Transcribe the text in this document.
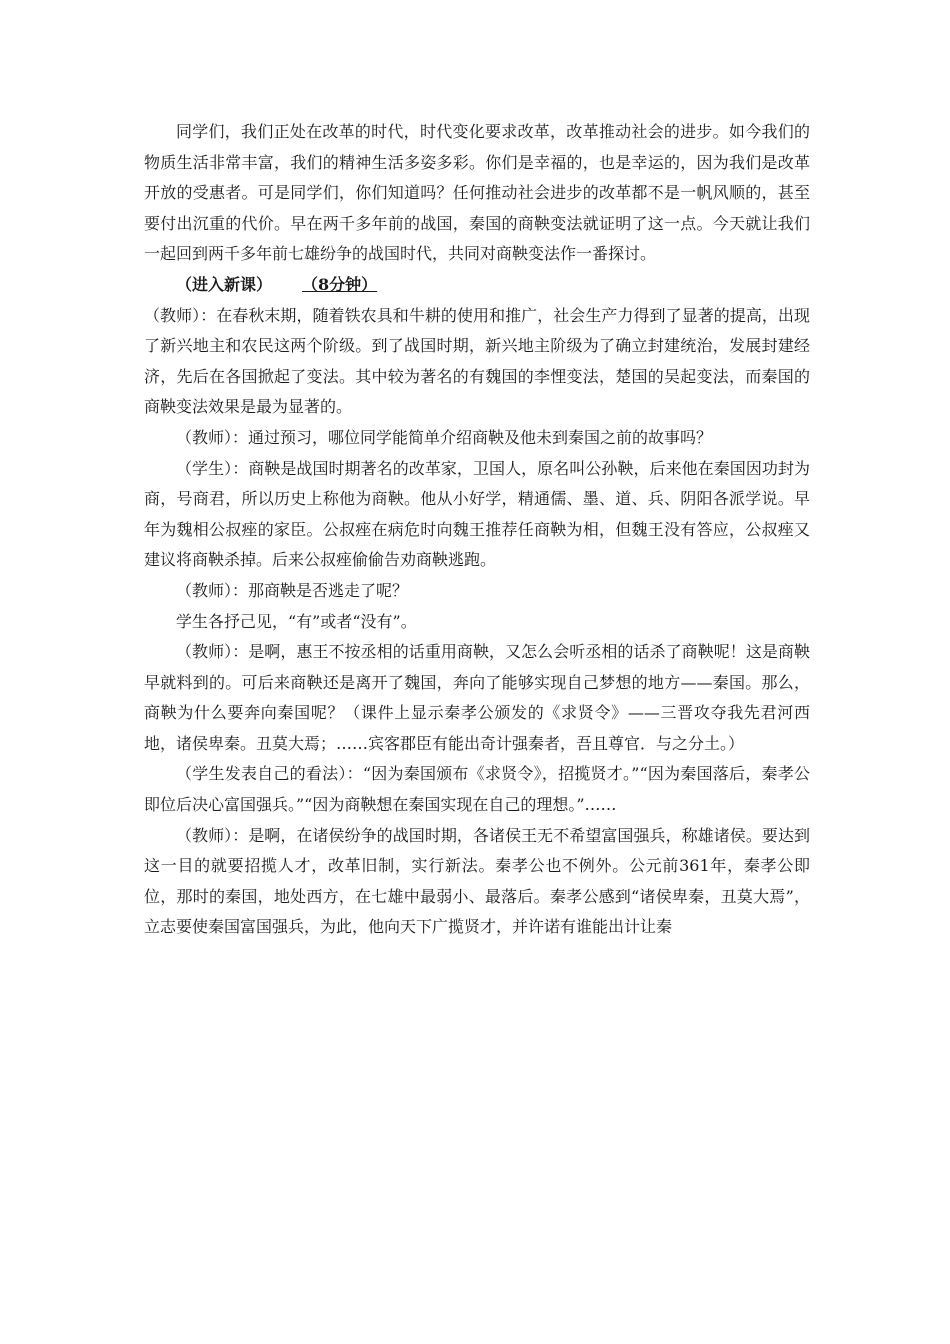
同学们，我们正处在改革的时代，时代变化要求改革，改革推动社会的进步。如今我们的物质生活非常丰富，我们的精神生活多姿多彩。你们是幸福的，也是幸运的，因为我们是改革开放的受惠者。可是同学们，你们知道吗？任何推动社会进步的改革都不是一帆风顺的，甚至要付出沉重的代价。早在两千多年前的战国，秦国的商鞅变法就证明了这一点。今天就让我们一起回到两千多年前七雄纷争的战国时代，共同对商鞅变法作一番探讨。

（进入新课） （8分钟）

（教师）：在春秋末期，随着铁农具和牛耕的使用和推广，社会生产力得到了显著的提高，出现了新兴地主和农民这两个阶级。到了战国时期，新兴地主阶级为了确立封建统治，发展封建经济，先后在各国掀起了变法。其中较为著名的有魏国的李悝变法，楚国的吴起变法，而秦国的商鞅变法效果是最为显著的。

（教师）：通过预习，哪位同学能简单介绍商鞅及他未到秦国之前的故事吗？

（学生）：商鞅是战国时期著名的改革家，卫国人，原名叫公孙鞅，后来他在秦国因功封为商，号商君，所以历史上称他为商鞅。他从小好学，精通儒、墨、道、兵、阴阳各派学说。早年为魏相公叔痤的家臣。公叔痤在病危时向魏王推荐任商鞅为相，但魏王没有答应，公叔痤又建议将商鞅杀掉。后来公叔痤偷偷告劝商鞅逃跑。

（教师）：那商鞅是否逃走了呢？

学生各抒己见，“有”或者“没有”。

（教师）：是啊，惠王不按丞相的话重用商鞅，又怎么会听丞相的话杀了商鞅呢！这是商鞅早就料到的。可后来商鞅还是离开了魏国，奔向了能够实现自己梦想的地方——秦国。那么，商鞅为什么要奔向秦国呢？（课件上显示秦孝公颁发的《求贤令》——三晋攻夺我先君河西地，诸侯卑秦。丑莫大焉；……宾客郡臣有能出奇计强秦者，吾且尊官．与之分土。）

（学生发表自己的看法）：“因为秦国颁布《求贤令》，招揽贤才。”“因为秦国落后，秦孝公即位后决心富国强兵。”“因为商鞅想在秦国实现在自己的理想。”……

（教师）：是啊，在诸侯纷争的战国时期，各诸侯王无不希望富国强兵，称雄诸侯。要达到这一目的就要招揽人才，改革旧制，实行新法。秦孝公也不例外。公元前361年，秦孝公即位，那时的秦国，地处西方，在七雄中最弱小、最落后。秦孝公感到“诸侯卑秦，丑莫大焉”，立志要使秦国富国强兵，为此，他向天下广揽贤才，并许诺有谁能出计让秦
